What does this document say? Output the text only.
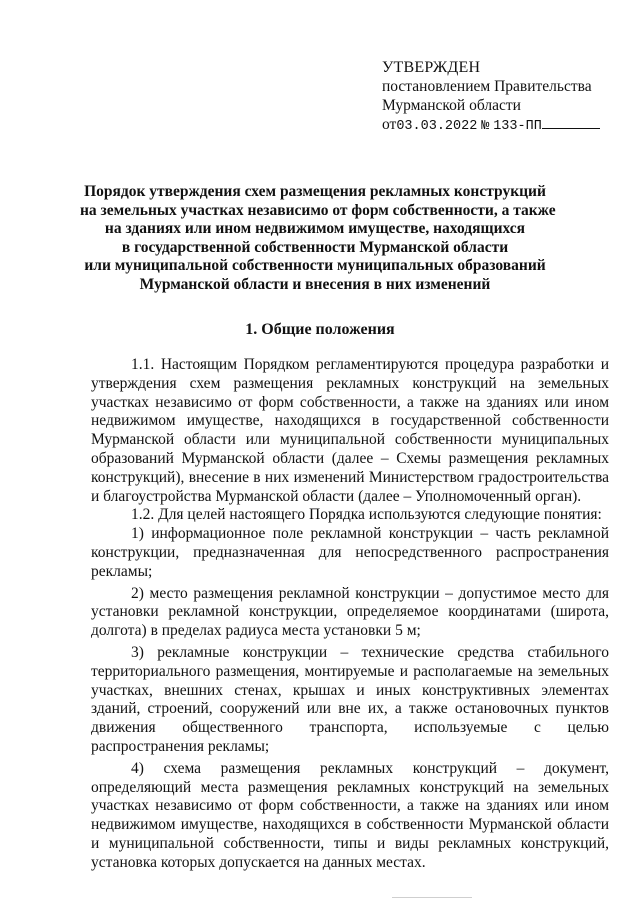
УТВЕРЖДЕН
постановлением Правительства
Мурманской области
от03.03.2022 № 133-ПП
Порядок утверждения схем размещения рекламных конструкций
на земельных участках независимо от форм собственности, а также
на зданиях или ином недвижимом имуществе, находящихся
в государственной собственности Мурманской области
или муниципальной собственности муниципальных образований
Мурманской области и внесения в них изменений
1. Общие положения

1.1. Настоящим Порядком регламентируются процедура разработки и утверждения схем размещения рекламных конструкций на земельных участках независимо от форм собственности, а также на зданиях или ином недвижимом имуществе, находящихся в государственной собственности Мурманской области или муниципальной собственности муниципальных образований Мурманской области (далее – Схемы размещения рекламных конструкций), внесение в них изменений Министерством градостроительства и благоустройства Мурманской области (далее – Уполномоченный орган).

1.2. Для целей настоящего Порядка используются следующие понятия:

1) информационное поле рекламной конструкции – часть рекламной конструкции, предназначенная для непосредственного распространения рекламы;

2) место размещения рекламной конструкции – допустимое место для установки рекламной конструкции, определяемое координатами (широта, долгота) в пределах радиуса места установки 5 м;

3) рекламные конструкции – технические средства стабильного территориального размещения, монтируемые и располагаемые на земельных участках, внешних стенах, крышах и иных конструктивных элементах зданий, строений, сооружений или вне их, а также остановочных пунктов движения общественного транспорта, используемые с целью распространения рекламы;

4) схема размещения рекламных конструкций – документ, определяющий места размещения рекламных конструкций на земельных участках независимо от форм собственности, а также на зданиях или ином недвижимом имуществе, находящихся в собственности Мурманской области и муниципальной собственности, типы и виды рекламных конструкций, установка которых допускается на данных местах.
